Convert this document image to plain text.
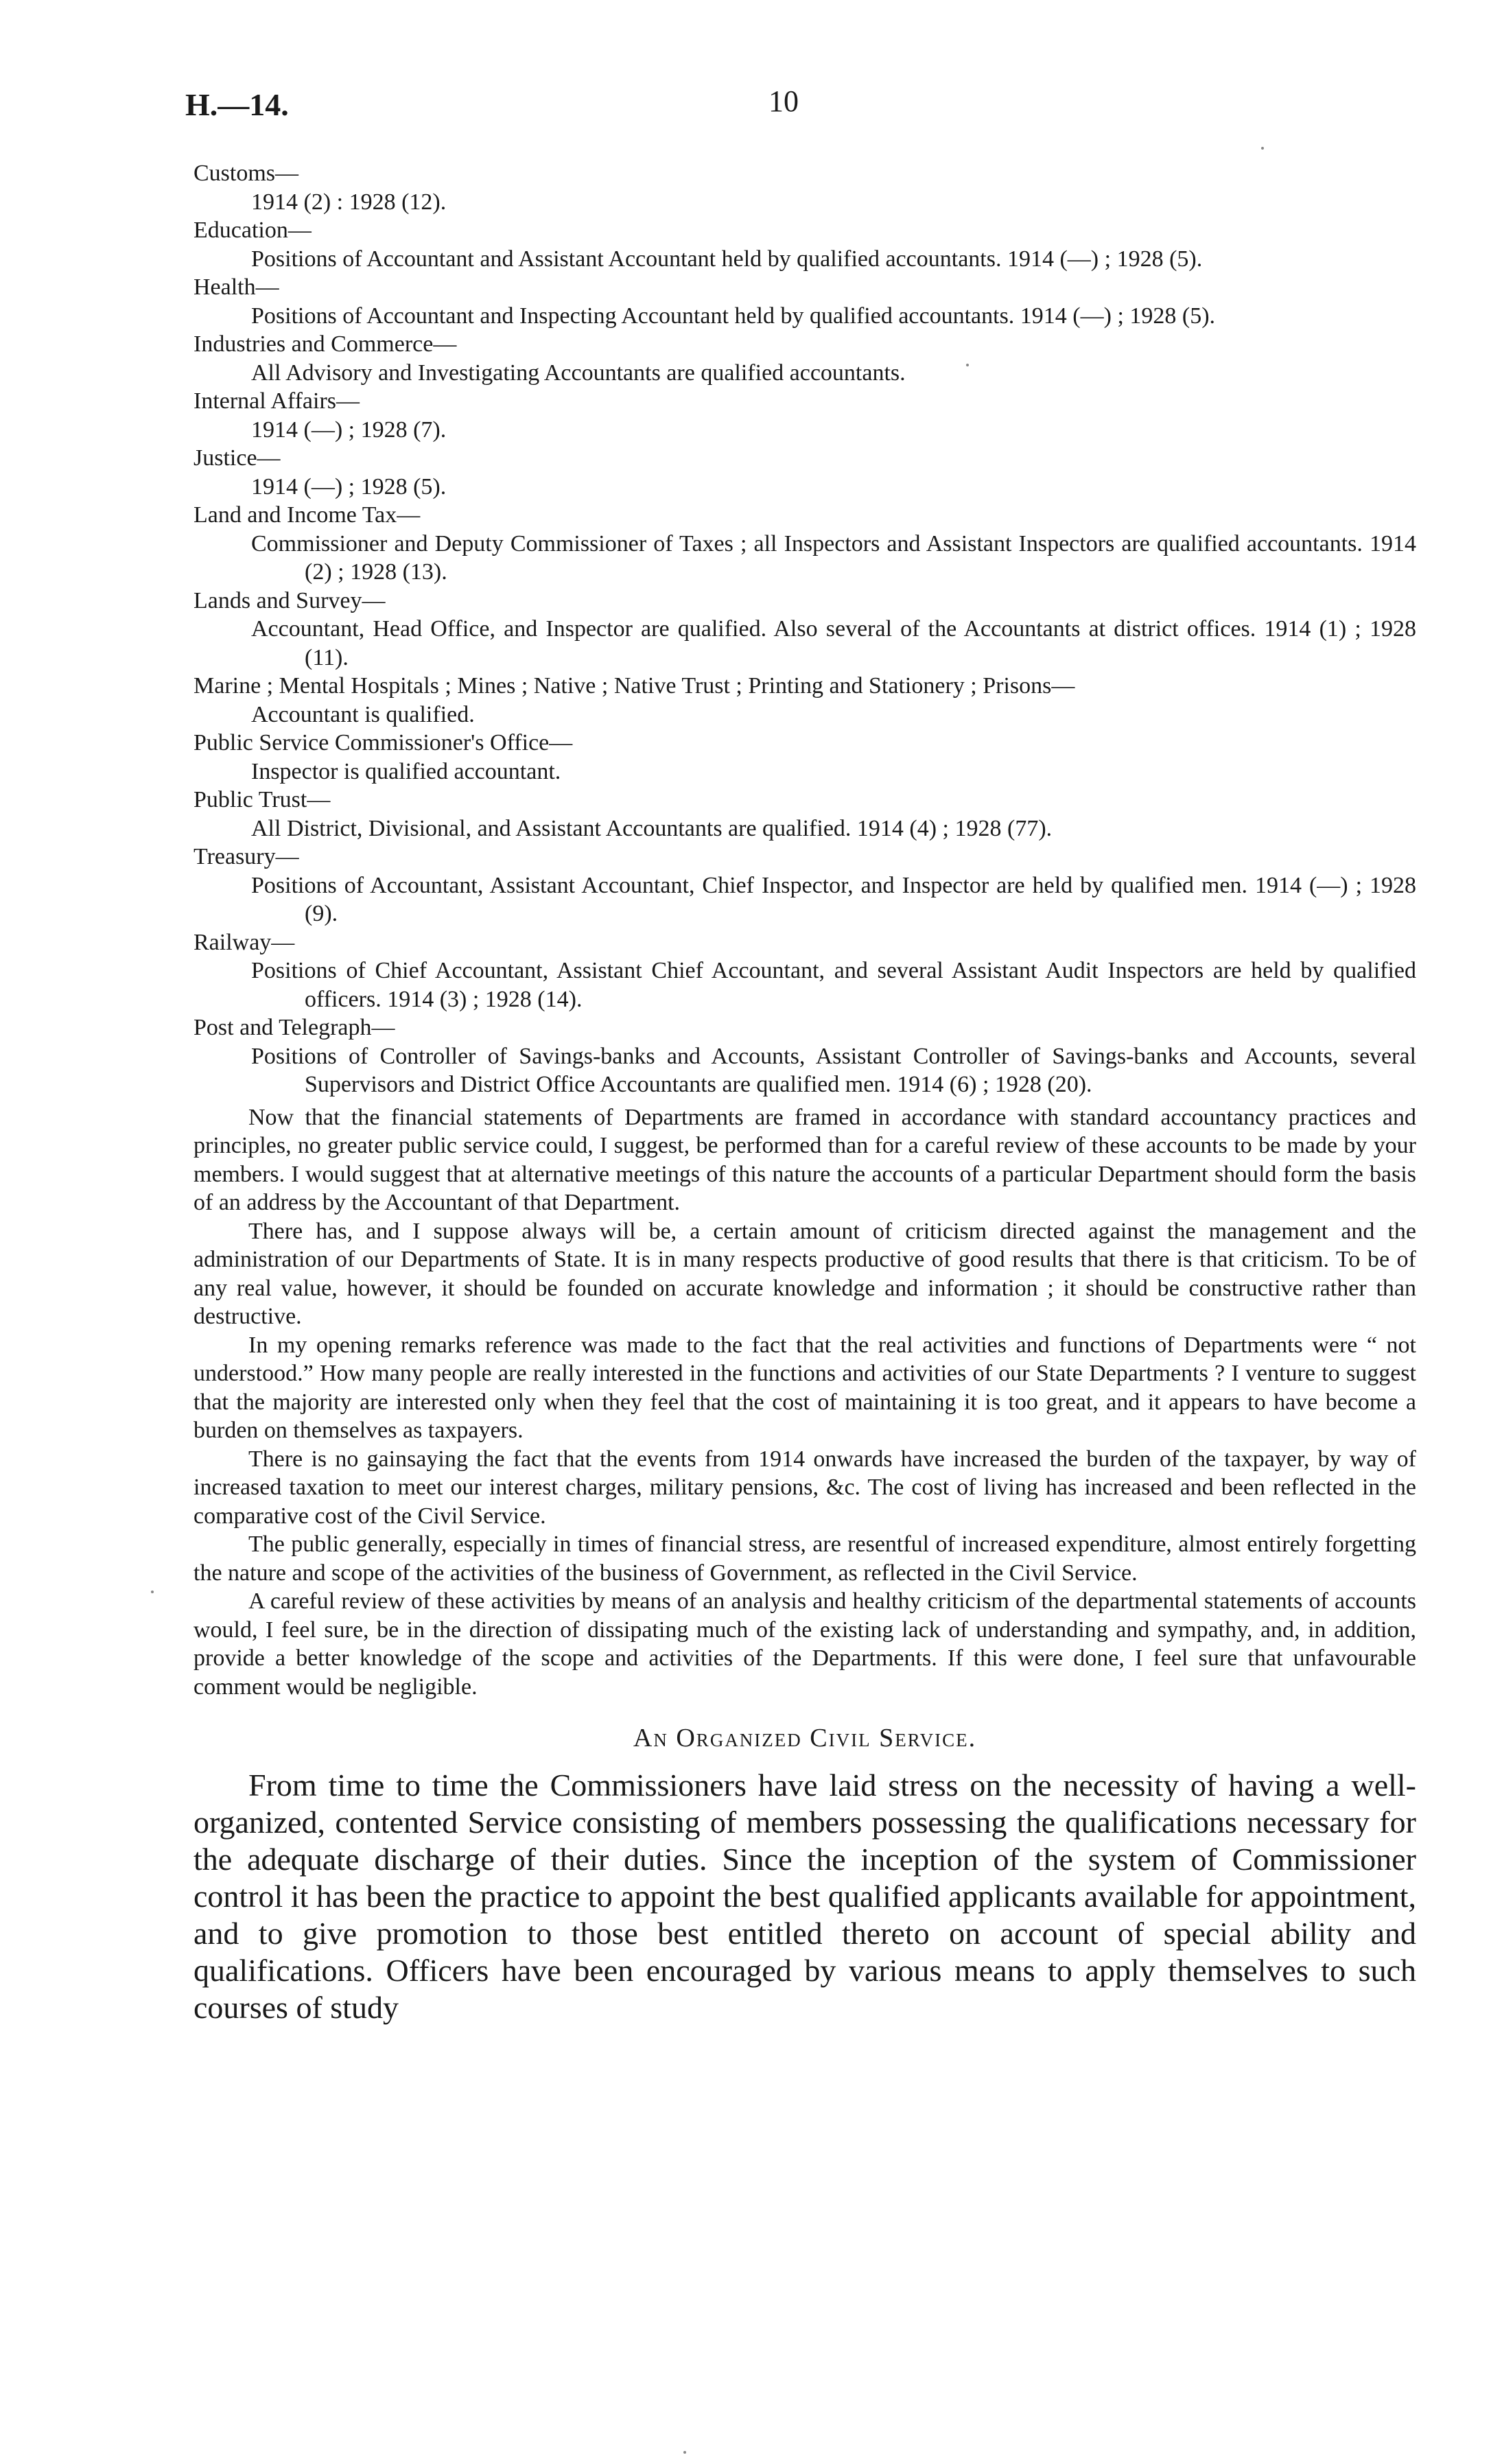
H.—14.	10

Customs—

1914 (2) : 1928 (12).

Education—

Positions of Accountant and Assistant Accountant held by qualified accountants. 1914 (—) ; 1928 (5).

Health—

Positions of Accountant and Inspecting Accountant held by qualified accountants. 1914 (—) ; 1928 (5).

Industries and Commerce—

All Advisory and Investigating Accountants are qualified accountants.

Internal Affairs—

1914 (—) ; 1928 (7).

Justice—

1914 (—) ; 1928 (5).

Land and Income Tax—

Commissioner and Deputy Commissioner of Taxes ; all Inspectors and Assistant Inspectors are qualified accountants. 1914 (2) ; 1928 (13).

Lands and Survey—

Accountant, Head Office, and Inspector are qualified. Also several of the Accountants at district offices. 1914 (1) ; 1928 (11).

Marine ; Mental Hospitals ; Mines ; Native ; Native Trust ; Printing and Stationery ; Prisons—

Accountant is qualified.

Public Service Commissioner's Office—

Inspector is qualified accountant.

Public Trust—

All District, Divisional, and Assistant Accountants are qualified. 1914 (4) ; 1928 (77).

Treasury—

Positions of Accountant, Assistant Accountant, Chief Inspector, and Inspector are held by qualified men. 1914 (—) ; 1928 (9).

Railway—

Positions of Chief Accountant, Assistant Chief Accountant, and several Assistant Audit Inspectors are held by qualified officers. 1914 (3) ; 1928 (14).

Post and Telegraph—

Positions of Controller of Savings-banks and Accounts, Assistant Controller of Savings-banks and Accounts, several Supervisors and District Office Accountants are qualified men. 1914 (6) ; 1928 (20).

Now that the financial statements of Departments are framed in accordance with standard accountancy practices and principles, no greater public service could, I suggest, be performed than for a careful review of these accounts to be made by your members. I would suggest that at alternative meetings of this nature the accounts of a particular Department should form the basis of an address by the Accountant of that Department.

There has, and I suppose always will be, a certain amount of criticism directed against the management and the administration of our Departments of State. It is in many respects productive of good results that there is that criticism. To be of any real value, however, it should be founded on accurate knowledge and information ; it should be constructive rather than destructive.

In my opening remarks reference was made to the fact that the real activities and functions of Departments were “ not understood.” How many people are really interested in the functions and activities of our State Departments ? I venture to suggest that the majority are interested only when they feel that the cost of maintaining it is too great, and it appears to have become a burden on themselves as taxpayers.

There is no gainsaying the fact that the events from 1914 onwards have increased the burden of the taxpayer, by way of increased taxation to meet our interest charges, military pensions, &c. The cost of living has increased and been reflected in the comparative cost of the Civil Service.

The public generally, especially in times of financial stress, are resentful of increased expenditure, almost entirely forgetting the nature and scope of the activities of the business of Government, as reflected in the Civil Service.

A careful review of these activities by means of an analysis and healthy criticism of the departmental statements of accounts would, I feel sure, be in the direction of dissipating much of the existing lack of understanding and sympathy, and, in addition, provide a better knowledge of the scope and activities of the Departments. If this were done, I feel sure that unfavourable comment would be negligible.

An Organized Civil Service.

From time to time the Commissioners have laid stress on the necessity of having a well-organized, contented Service consisting of members possessing the qualifications necessary for the adequate discharge of their duties. Since the inception of the system of Commissioner control it has been the practice to appoint the best qualified applicants available for appointment, and to give promotion to those best entitled thereto on account of special ability and qualifications. Officers have been encouraged by various means to apply themselves to such courses of study
